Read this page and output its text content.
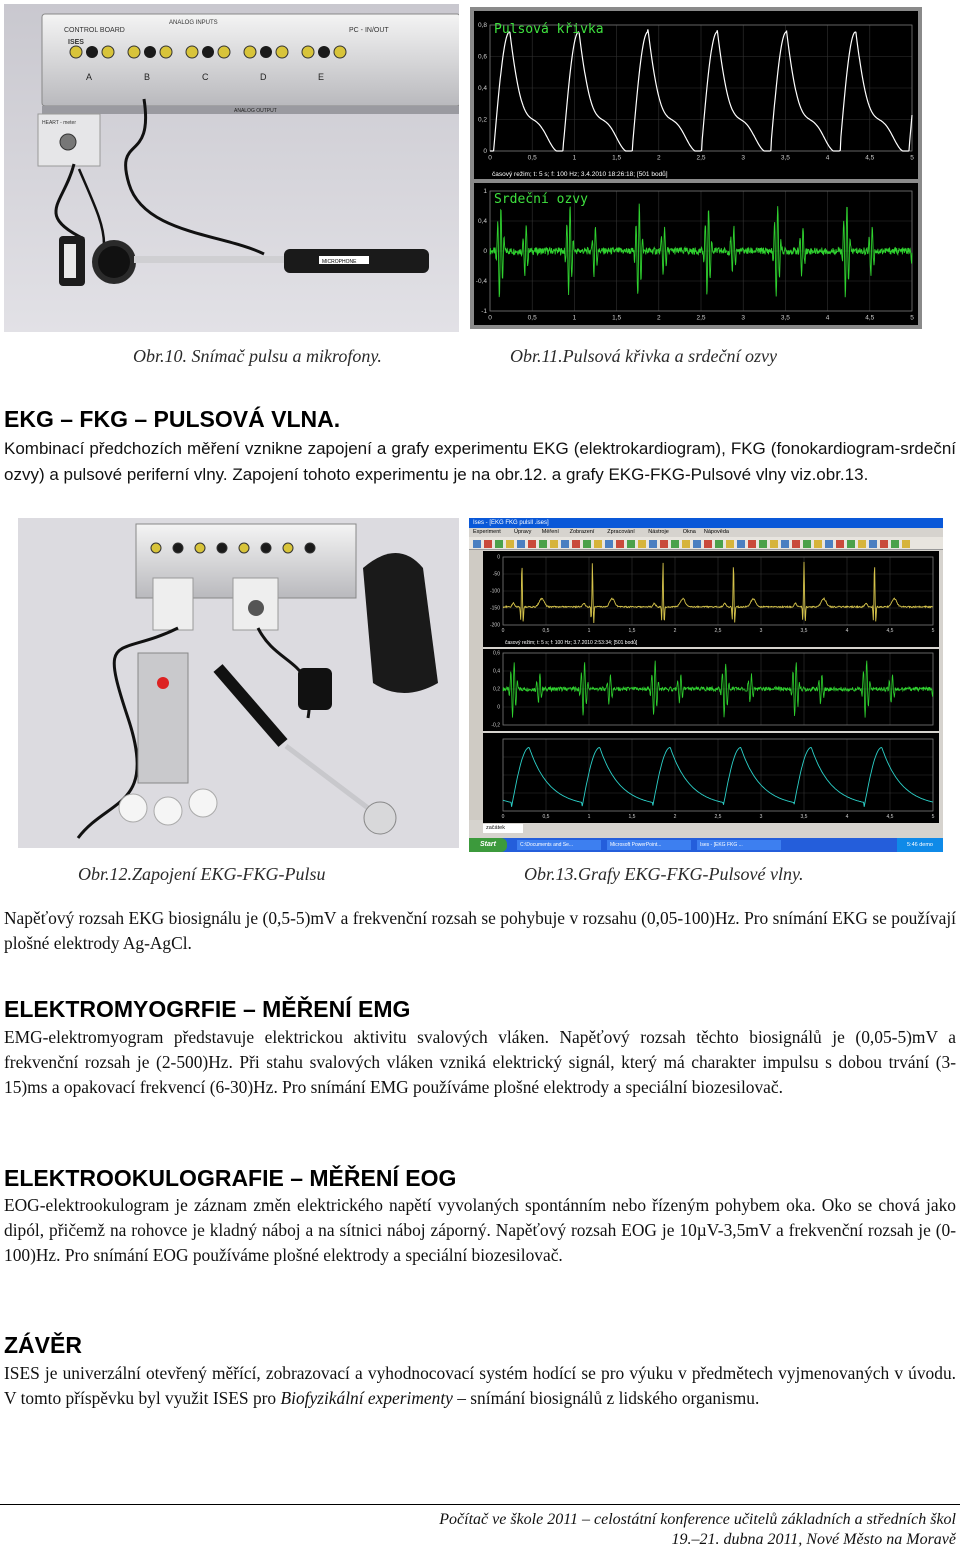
CONTROL BOARD
ISES
ANALOG INPUTS
PC - IN/OUT
ANALOG OUTPUT
A	B	C	D	E
HEART - meter
MICROPHONE
0,8
0,6
0,4
0,2
0
0	0,5	1	1,5	2	2,5	3	3,5	4	4,5	5
Pulsová křivka
časový režim; t: 5 s; f: 100 Hz; 3.4.2010 18:26:18; [501 bodů]
1
0,4
0
-0,4
-1
0	0,5	1	1,5	2	2,5	3	3,5	4	4,5	5
Srdeční ozvy
Obr.10. Snímač pulsu a mikrofony.	Obr.11.Pulsová křivka a srdeční ozvy
EKG – FKG – PULSOVÁ VLNA.
Kombinací předchozích měření vznikne zapojení a grafy experimentu EKG (elektrokardiogram), FKG (fonokardiogram-srdeční ozvy) a pulsové periferní vlny. Zapojení tohoto experimentu je na obr.12. a grafy EKG-FKG-Pulsové vlny viz.obr.13.
Ises - [EKG FKG pulsll .ises]
Experiment Úpravy Měření Zobrazení Zpracování Nástroje	Okna Nápověda
0
-50
-100
-150
-200
0	0,5	1	1,5	2	2,5	3	3,5	4	4,5	5
časový režim; t: 5 s; f: 100 Hz; 3.7.2010 2:53:34; [501 bodů]
0,6
0,4
0,2
0
-0,2
0	0,5	1	1,5	2	2,5	3	3,5	4	4,5	5
začátek
Start	5:46 demo
C:\Documents and Se...	Microsoft PowerPoint...	Ises - [EKG FKG ...
Obr.12.Zapojení EKG-FKG-Pulsu	Obr.13.Grafy EKG-FKG-Pulsové vlny.
Napěťový rozsah EKG biosignálu je (0,5-5)mV a frekvenční rozsah se pohybuje v rozsahu (0,05-100)Hz. Pro snímání EKG se používají plošné elektrody Ag-AgCl.
ELEKTROMYOGRFIE – MĚŘENÍ EMG
EMG-elektromyogram představuje elektrickou aktivitu svalových vláken. Napěťový rozsah těchto biosignálů je (0,05-5)mV a frekvenční rozsah je (2-500)Hz. Při stahu svalových vláken vzniká elektrický signál, který má charakter impulsu s dobou trvání (3-15)ms a opakovací frekvencí (6-30)Hz. Pro snímání EMG používáme plošné elektrody a speciální biozesilovač.
ELEKTROOKULOGRAFIE – MĚŘENÍ EOG
EOG-elektrookulogram je záznam změn elektrického napětí vyvolaných spontánním nebo řízeným pohybem oka. Oko se chová jako dipól, přičemž na rohovce je kladný náboj a na sítnici náboj záporný. Napěťový rozsah EOG je 10µV-3,5mV a frekvenční rozsah je (0-100)Hz. Pro snímání EOG používáme plošné elektrody a speciální biozesilovač.
ZÁVĚR
ISES je univerzální otevřený měřící, zobrazovací a vyhodnocovací systém hodící se pro výuku v předmětech vyjmenovaných v úvodu. V tomto příspěvku byl využit ISES pro Biofyzikální experimenty – snímání biosignálů z lidského organismu.
Počítač ve škole 2011 – celostátní konference učitelů základních a středních škol
19.–21. dubna 2011, Nové Město na Moravě
